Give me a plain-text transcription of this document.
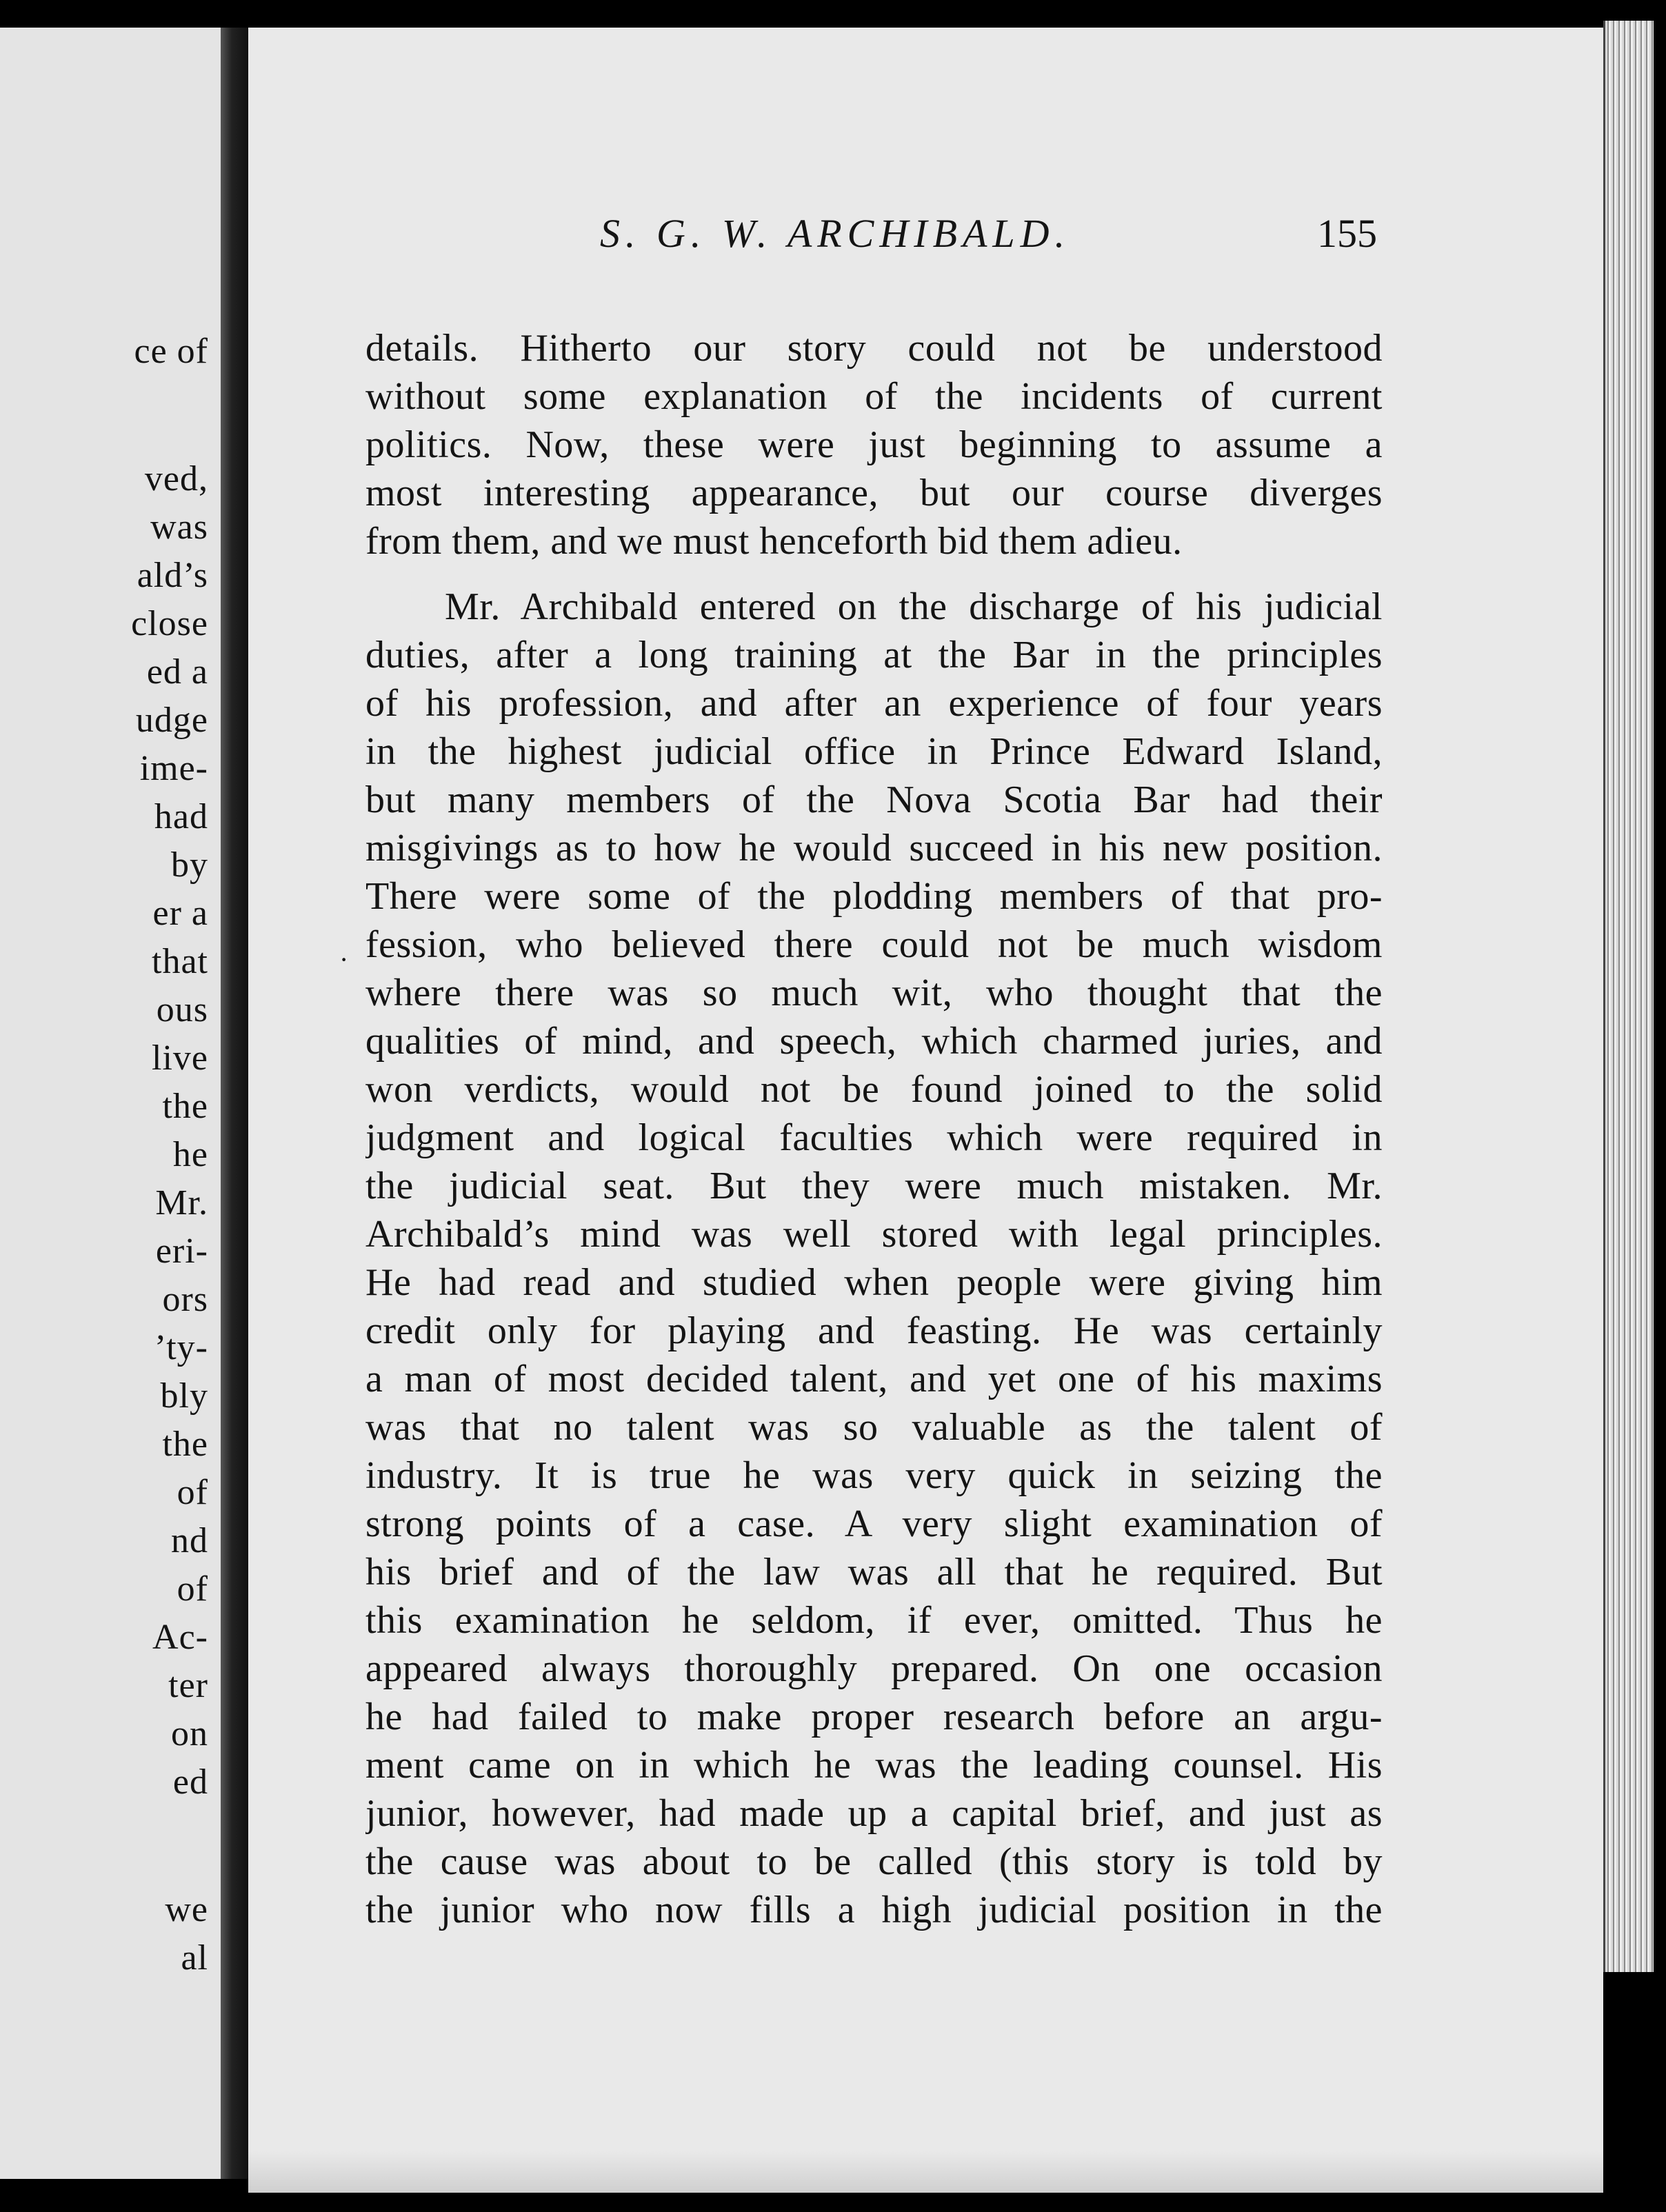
ce of
ved,
was
ald’s
close
ed a
udge
ime-
had
by
er a
that
ous
live
the
he
Mr.
eri-
ors
’ty-
bly
the
of
nd
of
Ac-
ter
on
ed
we
al
S. G. W. ARCHIBALD.	155
·
details. Hitherto our story could not be understood
without some explanation of the incidents of current
politics. Now, these were just beginning to assume a
most interesting appearance, but our course diverges
from them, and we must henceforth bid them adieu.
Mr. Archibald entered on the discharge of his judicial
duties, after a long training at the Bar in the principles
of his profession, and after an experience of four years
in the highest judicial office in Prince Edward Island,
but many members of the Nova Scotia Bar had their
misgivings as to how he would succeed in his new position.
There were some of the plodding members of that pro-
fession, who believed there could not be much wisdom
where there was so much wit, who thought that the
qualities of mind, and speech, which charmed juries, and
won verdicts, would not be found joined to the solid
judgment and logical faculties which were required in
the judicial seat. But they were much mistaken. Mr.
Archibald’s mind was well stored with legal principles.
He had read and studied when people were giving him
credit only for playing and feasting. He was certainly
a man of most decided talent, and yet one of his maxims
was that no talent was so valuable as the talent of
industry. It is true he was very quick in seizing the
strong points of a case. A very slight examination of
his brief and of the law was all that he required. But
this examination he seldom, if ever, omitted. Thus he
appeared always thoroughly prepared. On one occasion
he had failed to make proper research before an argu-
ment came on in which he was the leading counsel. His
junior, however, had made up a capital brief, and just as
the cause was about to be called (this story is told by
the junior who now fills a high judicial position in the
